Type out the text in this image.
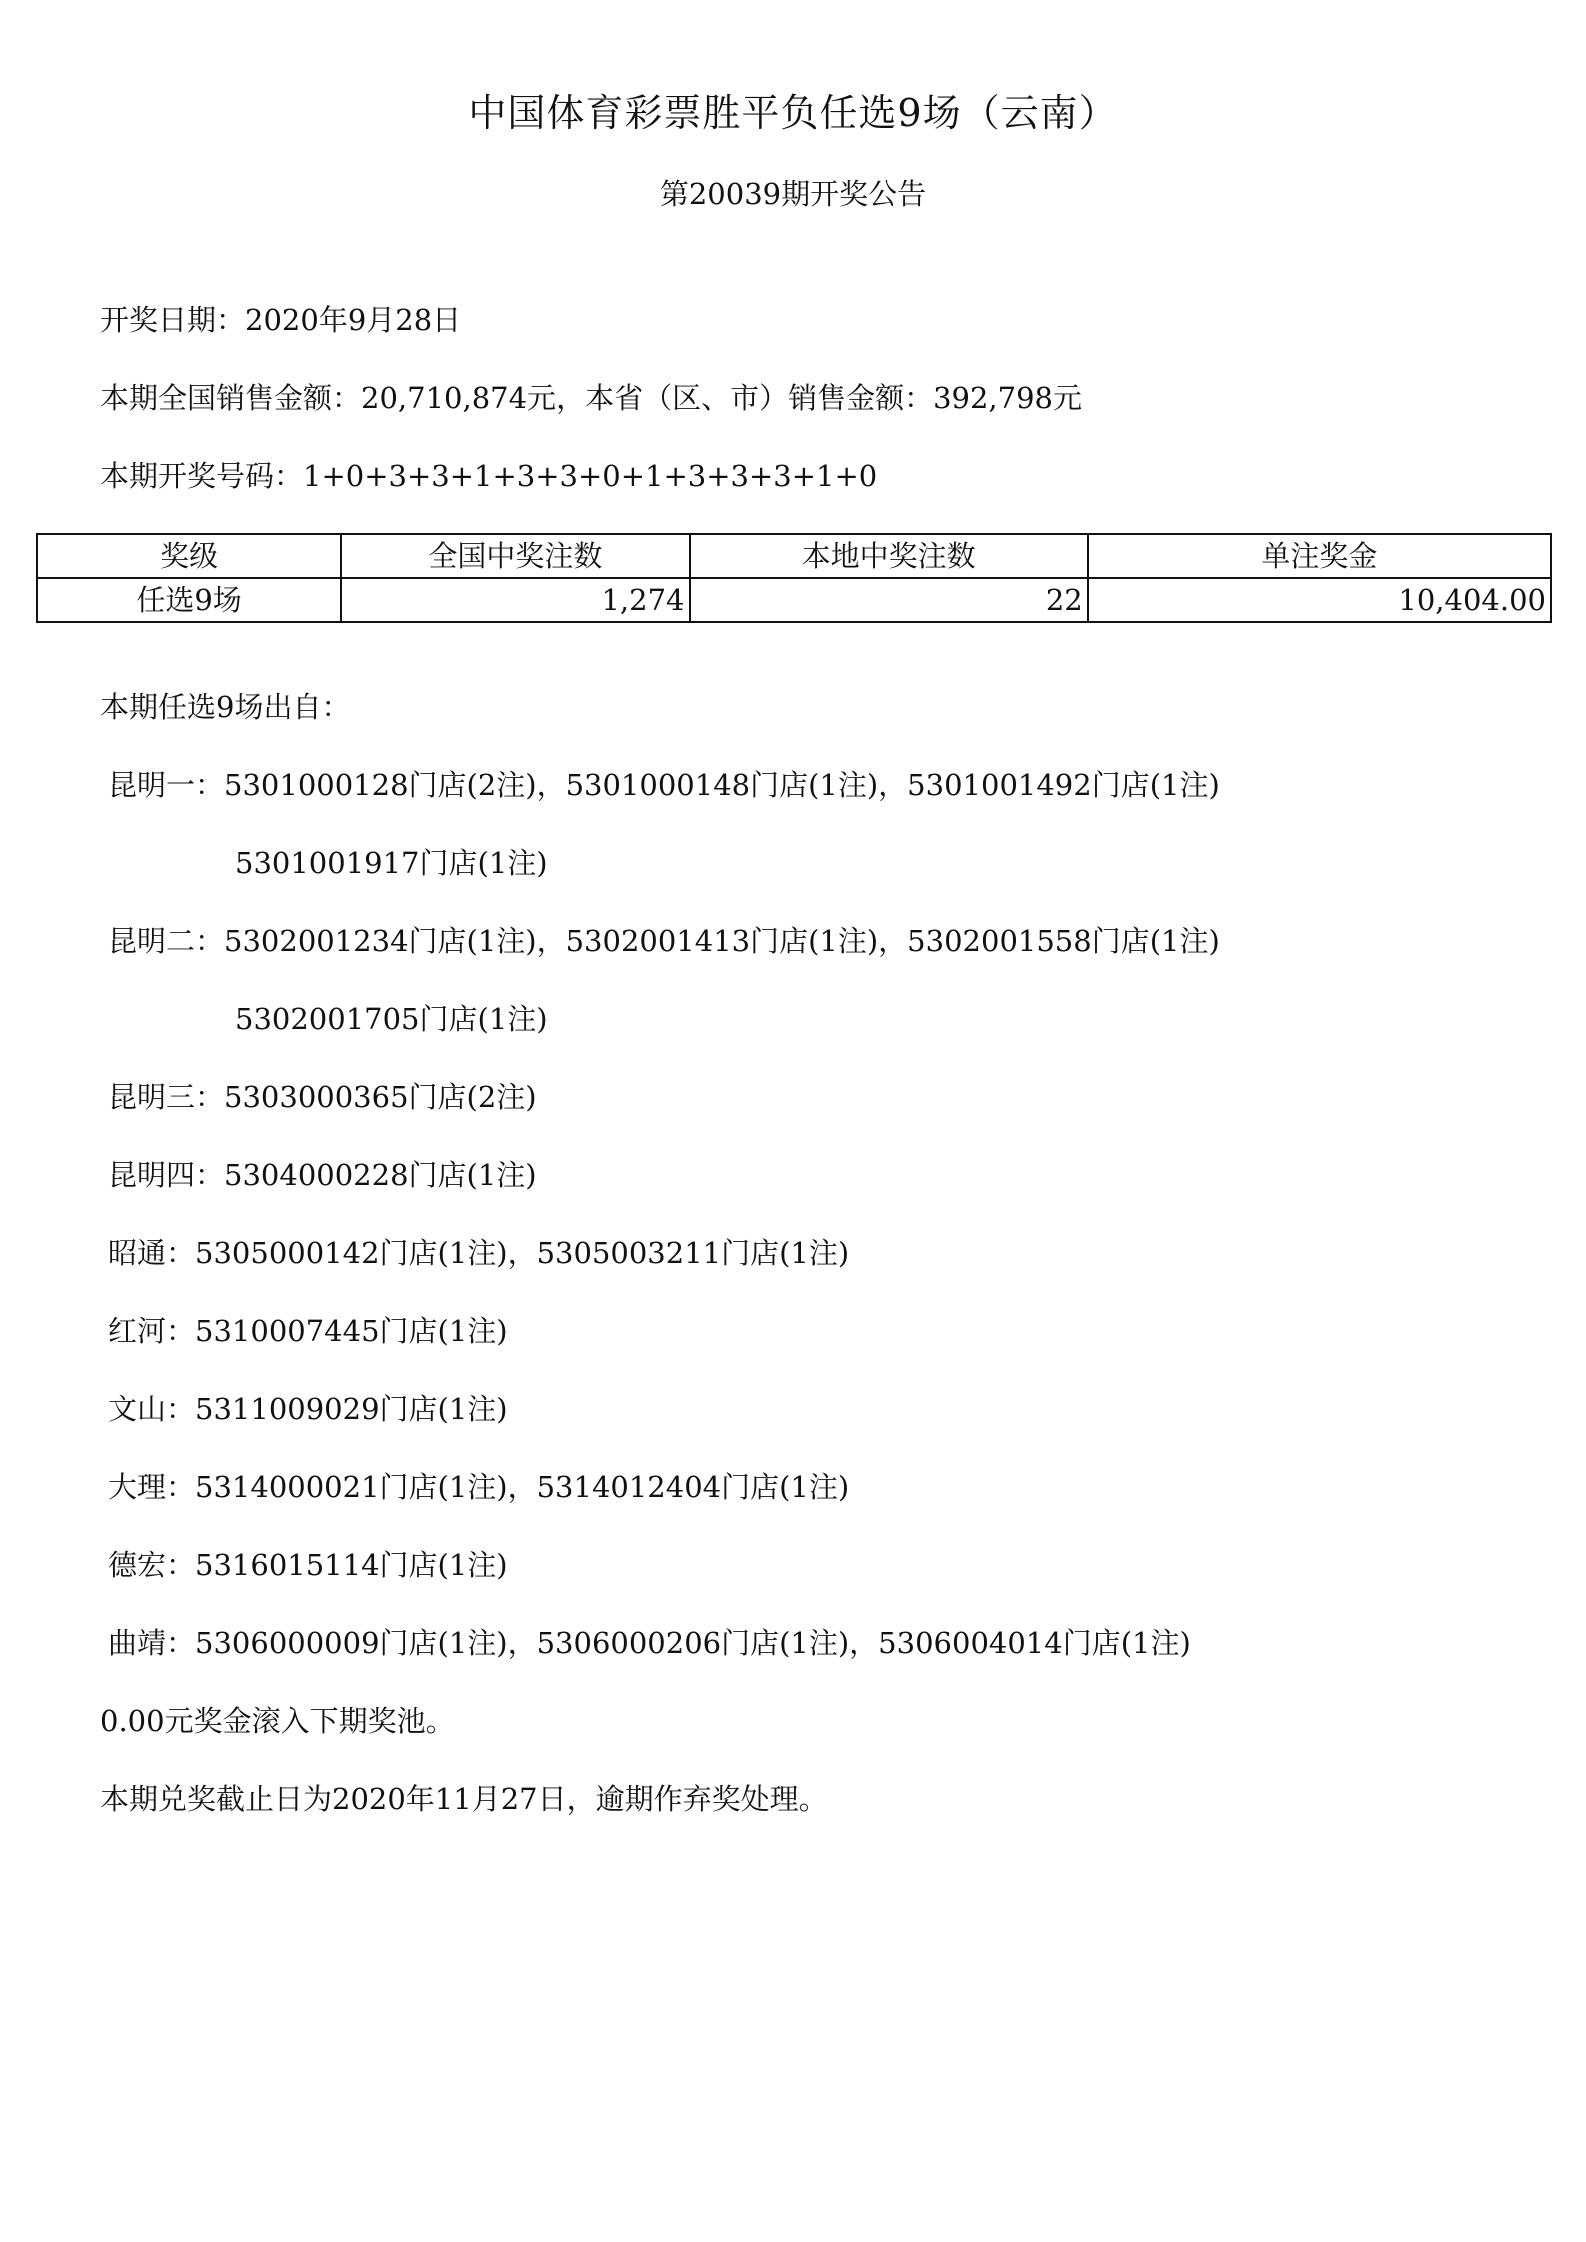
中国体育彩票胜平负任选9场（云南）
第20039期开奖公告
开奖日期：2020年9月28日
本期全国销售金额：20,710,874元，本省（区、市）销售金额：392,798元
本期开奖号码：1+0+3+3+1+3+3+0+1+3+3+3+1+0
奖级	全国中奖注数	本地中奖注数	单注奖金
任选9场	1,274	22	10,404.00
本期任选9场出自：
昆明一：5301000128门店(2注)，5301000148门店(1注)，5301001492门店(1注)
5301001917门店(1注)
昆明二：5302001234门店(1注)，5302001413门店(1注)，5302001558门店(1注)
5302001705门店(1注)
昆明三：5303000365门店(2注)
昆明四：5304000228门店(1注)
昭通：5305000142门店(1注)，5305003211门店(1注)
红河：5310007445门店(1注)
文山：5311009029门店(1注)
大理：5314000021门店(1注)，5314012404门店(1注)
德宏：5316015114门店(1注)
曲靖：5306000009门店(1注)，5306000206门店(1注)，5306004014门店(1注)
0.00元奖金滚入下期奖池。
本期兑奖截止日为2020年11月27日，逾期作弃奖处理。
